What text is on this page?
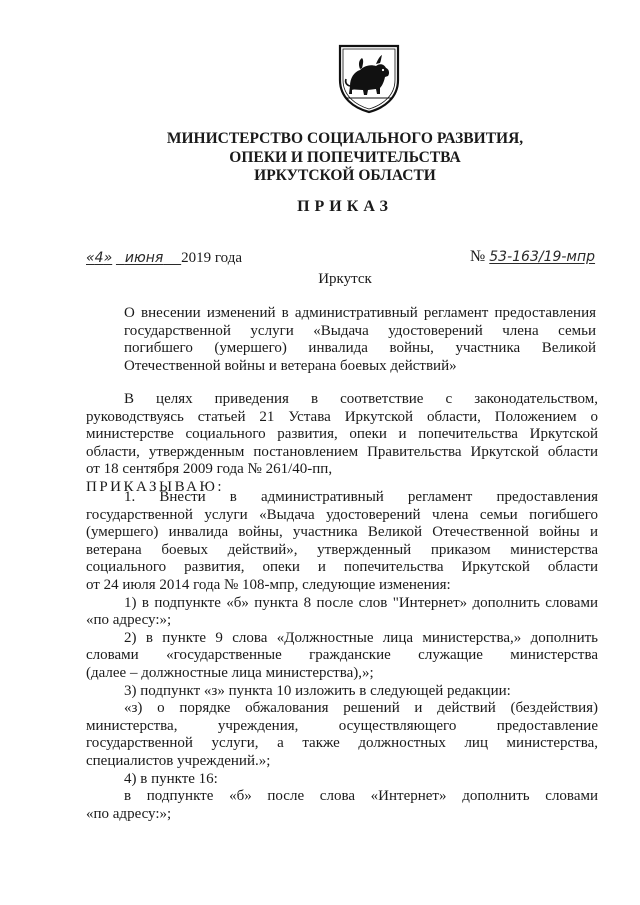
МИНИСТЕРСТВО СОЦИАЛЬНОГО РАЗВИТИЯ,
ОПЕКИ И ПОПЕЧИТЕЛЬСТВА
ИРКУТСКОЙ ОБЛАСТИ
ПРИКАЗ
«4» июня 2019 года	№ 53-163/19-мпр
Иркутск
О внесении изменений в административный регламент предоставления
государственной услуги «Выдача удостоверений члена семьи
погибшего (умершего) инвалида войны, участника Великой
Отечественной войны и ветерана боевых действий»
В целях приведения в соответствие с законодательством,
руководствуясь статьей 21 Устава Иркутской области, Положением о
министерстве социального развития, опеки и попечительства Иркутской
области, утвержденным постановлением Правительства Иркутской области
от 18 сентября 2009 года № 261/40-пп,
ПРИКАЗЫВАЮ:
1. Внести в административный регламент предоставления
государственной услуги «Выдача удостоверений члена семьи погибшего
(умершего) инвалида войны, участника Великой Отечественной войны и
ветерана боевых действий», утвержденный приказом министерства
социального развития, опеки и попечительства Иркутской области
от 24 июля 2014 года № 108-мпр, следующие изменения:
1) в подпункте «б» пункта 8 после слов "Интернет» дополнить словами
«по адресу:»;
2) в пункте 9 слова «Должностные лица министерства,» дополнить
словами «государственные гражданские служащие министерства
(далее – должностные лица министерства),»;
3) подпункт «з» пункта 10 изложить в следующей редакции:
«з) о порядке обжалования решений и действий (бездействия)
министерства, учреждения, осуществляющего предоставление
государственной услуги, а также должностных лиц министерства,
специалистов учреждений.»;
4) в пункте 16:
в подпункте «б» после слова «Интернет» дополнить словами
«по адресу:»;
